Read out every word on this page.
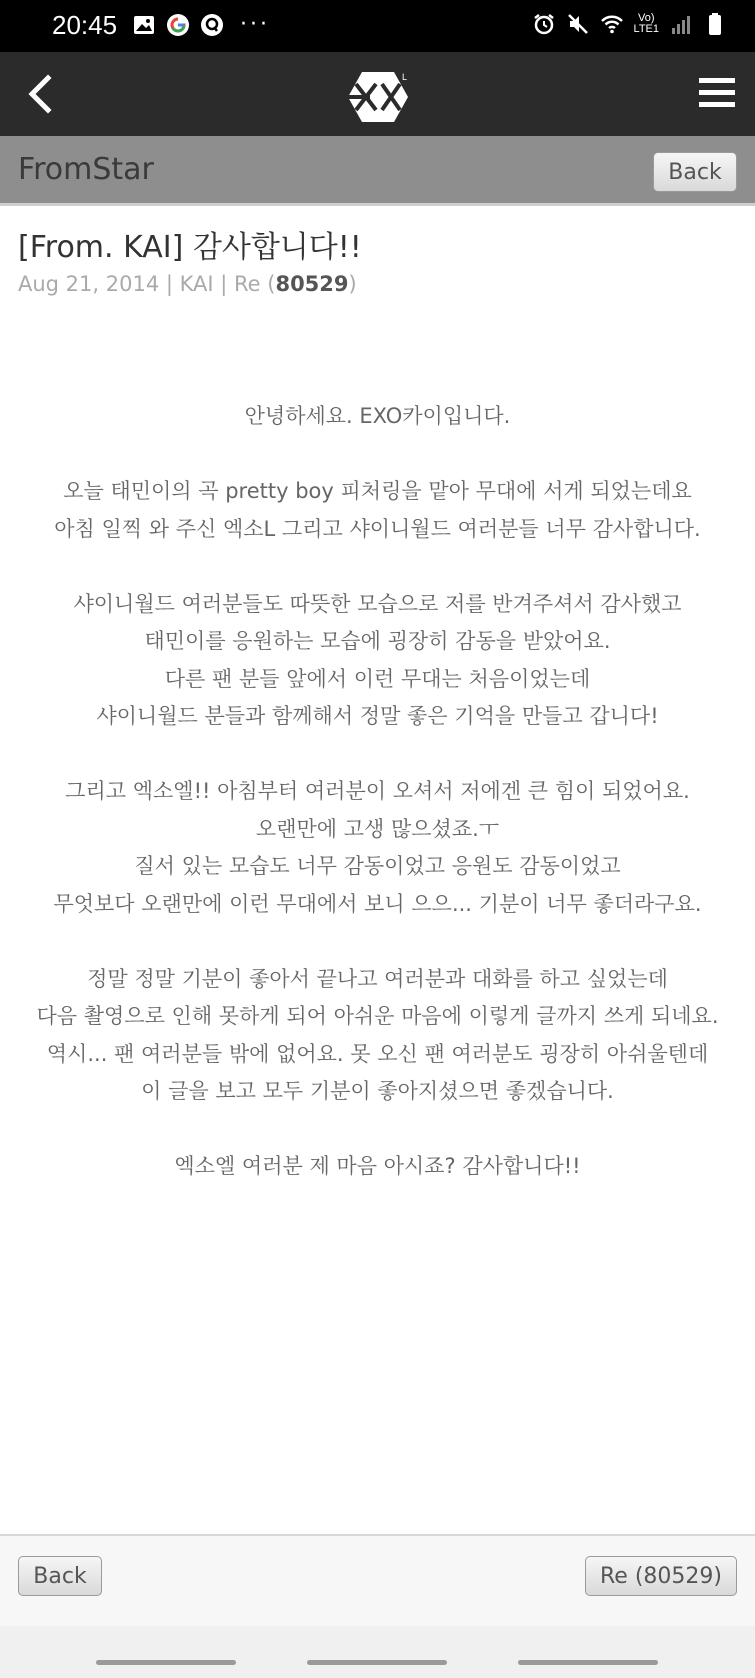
20:45	···	Vo)
LTE1
L
FromStar	Back
[From. KAI] 감사합니다!!
Aug 21, 2014 | KAI | Re (80529)

안녕하세요. EXO카이입니다.

오늘 태민이의 곡 pretty boy 피처링을 맡아 무대에 서게 되었는데요

아침 일찍 와 주신 엑소L 그리고 샤이니월드 여러분들 너무 감사합니다.

샤이니월드 여러분들도 따뜻한 모습으로 저를 반겨주셔서 감사했고

태민이를 응원하는 모습에 굉장히 감동을 받았어요.

다른 팬 분들 앞에서 이런 무대는 처음이었는데

샤이니월드 분들과 함께해서 정말 좋은 기억을 만들고 갑니다!

그리고 엑소엘!! 아침부터 여러분이 오셔서 저에겐 큰 힘이 되었어요.

오랜만에 고생 많으셨죠.ㅜ

질서 있는 모습도 너무 감동이었고 응원도 감동이었고

무엇보다 오랜만에 이런 무대에서 보니 으으... 기분이 너무 좋더라구요.

정말 정말 기분이 좋아서 끝나고 여러분과 대화를 하고 싶었는데

다음 촬영으로 인해 못하게 되어 아쉬운 마음에 이렇게 글까지 쓰게 되네요.

역시... 팬 여러분들 밖에 없어요. 못 오신 팬 여러분도 굉장히 아쉬울텐데

이 글을 보고 모두 기분이 좋아지셨으면 좋겠습니다.

엑소엘 여러분 제 마음 아시죠? 감사합니다!!

Back	Re (80529)
